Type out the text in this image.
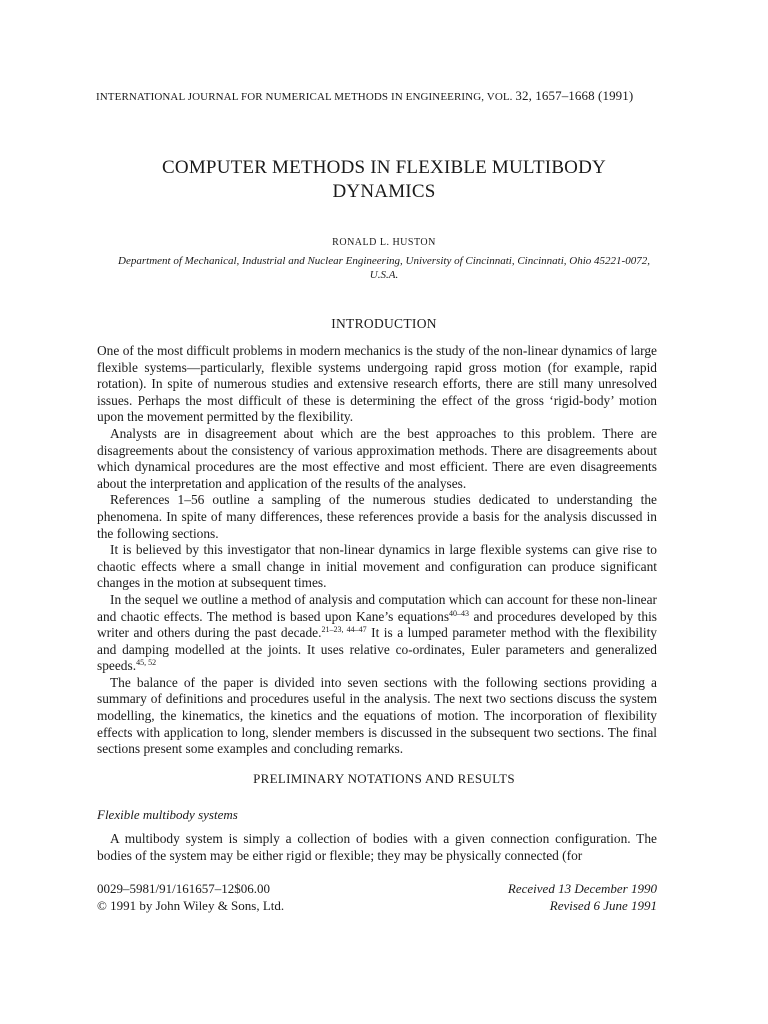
INTERNATIONAL JOURNAL FOR NUMERICAL METHODS IN ENGINEERING, VOL. 32, 1657–1668 (1991)
COMPUTER METHODS IN FLEXIBLE MULTIBODY
DYNAMICS
RONALD L. HUSTON
Department of Mechanical, Industrial and Nuclear Engineering, University of Cincinnati, Cincinnati, Ohio 45221-0072,
U.S.A.
INTRODUCTION

One of the most difficult problems in modern mechanics is the study of the non-linear dynamics of large flexible systems—particularly, flexible systems undergoing rapid gross motion (for example, rapid rotation). In spite of numerous studies and extensive research efforts, there are still many unresolved issues. Perhaps the most difficult of these is determining the effect of the gross ‘rigid-body’ motion upon the movement permitted by the flexibility.

Analysts are in disagreement about which are the best approaches to this problem. There are disagreements about the consistency of various approximation methods. There are disagreements about which dynamical procedures are the most effective and most efficient. There are even disagreements about the interpretation and application of the results of the analyses.

References 1–56 outline a sampling of the numerous studies dedicated to understanding the phenomena. In spite of many differences, these references provide a basis for the analysis discussed in the following sections.

It is believed by this investigator that non-linear dynamics in large flexible systems can give rise to chaotic effects where a small change in initial movement and configuration can produce significant changes in the motion at subsequent times.

In the sequel we outline a method of analysis and computation which can account for these non-linear and chaotic effects. The method is based upon Kane’s equations$^{40-43}$ and procedures developed by this writer and others during the past decade.$^{21-23, 44-47}$ It is a lumped parameter method with the flexibility and damping modelled at the joints. It uses relative co-ordinates, Euler parameters and generalized speeds.$^{45, 52}$

The balance of the paper is divided into seven sections with the following sections providing a summary of definitions and procedures useful in the analysis. The next two sections discuss the system modelling, the kinematics, the kinetics and the equations of motion. The incorporation of flexibility effects with application to long, slender members is discussed in the subsequent two sections. The final sections present some examples and concluding remarks.

PRELIMINARY NOTATIONS AND RESULTS
Flexible multibody systems

A multibody system is simply a collection of bodies with a given connection configuration. The bodies of the system may be either rigid or flexible; they may be physically connected (for

0029–5981/91/161657–12$06.00
© 1991 by John Wiley & Sons, Ltd.
Received 13 December 1990
Revised 6 June 1991
